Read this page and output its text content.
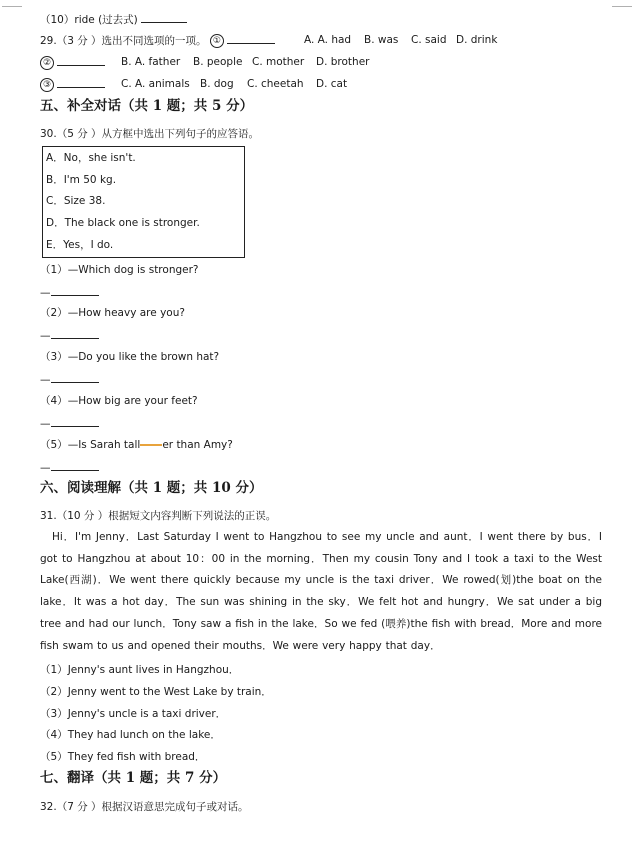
（10）ride (过去式)
29.（3 分 ）选出不同选项的一项。 ①	A. A. had B. was C. said D. drink
②	B. A. father B. people C. mother D. brother
③	C. A. animals B. dog C. cheetah D. cat
五、补全对话（共 1 题；共 5 分）
30.（5 分 ）从方框中选出下列句子的应答语。
A．No，she isn't.
B．I'm 50 kg.
C．Size 38.
D．The black one is stronger.
E．Yes，I do.
（1）—Which dog is stronger?
—
（2）—How heavy are you?
—
（3）—Do you like the brown hat?
—
（4）—How big are your feet?
—
（5）—Is Sarah tall er than Amy?
—
六、阅读理解（共 1 题；共 10 分）
31.（10 分 ）根据短文内容判断下列说法的正误。
Hi．I'm Jenny．Last Saturday I went to Hangzhou to see my uncle and aunt．I went there by bus．I got to Hangzhou at about 10：00 in the morning．Then my cousin Tony and I took a taxi to the West Lake(西湖)．We went there quickly because my uncle is the taxi driver．We rowed(划)the boat on the lake．It was a hot day．The sun was shining in the sky．We felt hot and hungry．We sat under a big tree and had our lunch．Tony saw a fish in the lake．So we fed (喂养)the fish with bread．More and more fish swam to us and opened their mouths．We were very happy that day．
（1）Jenny's aunt lives in Hangzhou．
（2）Jenny went to the West Lake by train．
（3）Jenny's uncle is a taxi driver．
（4）They had lunch on the lake．
（5）They fed fish with bread．
七、翻译（共 1 题；共 7 分）
32.（7 分 ）根据汉语意思完成句子或对话。
